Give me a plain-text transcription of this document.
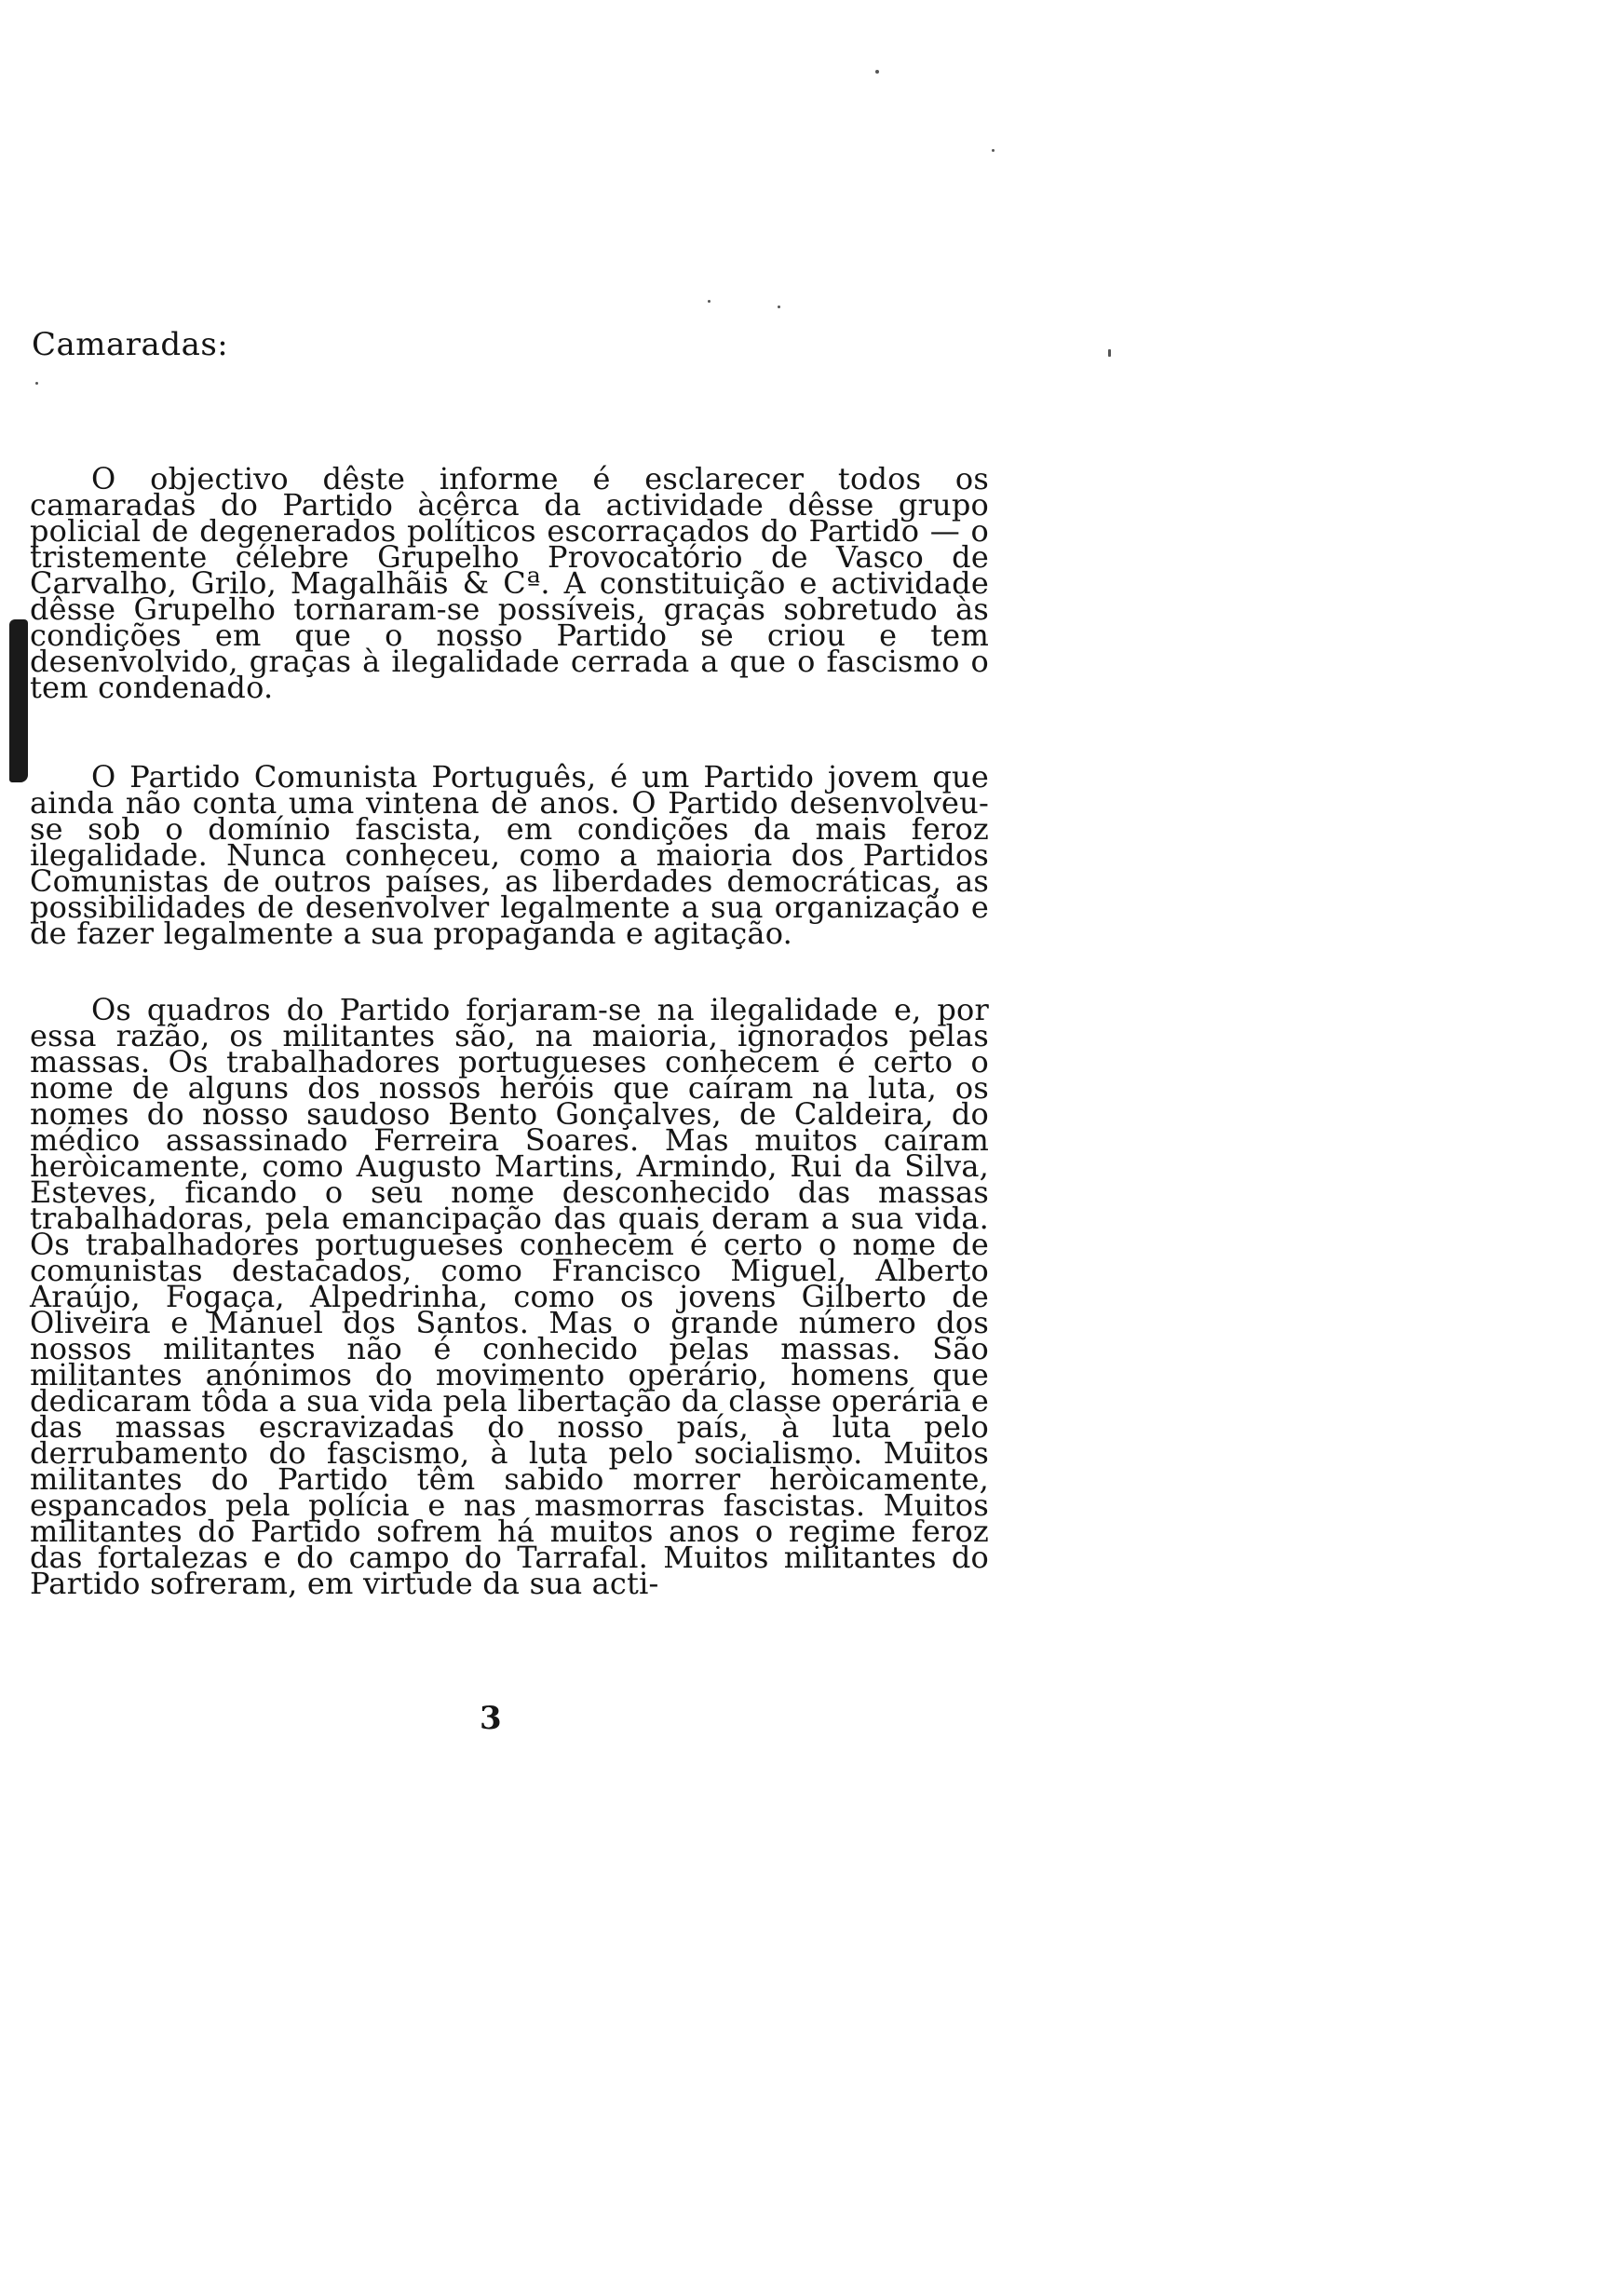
Camaradas:

O objectivo dêste informe é esclarecer todos os camaradas do Partido àcêrca da actividade dêsse grupo policial de degenerados políticos escorraçados do Partido — o tristemente célebre Grupelho Provocatório de Vasco de Carvalho, Grilo, Magalhãis & Cª. A constituição e actividade dêsse Grupelho tornaram-se possíveis, graças sobretudo às condições em que o nosso Partido se criou e tem desenvolvido, graças à ilegalidade cerrada a que o fascismo o tem condenado.

O Partido Comunista Português, é um Partido jovem que ainda não conta uma vintena de anos. O Partido desenvolveu-se sob o domínio fascista, em condições da mais feroz ilegalidade. Nunca conheceu, como a maioria dos Partidos Comunistas de outros países, as liberdades democráticas, as possibilidades de desenvolver legalmente a sua organização e de fazer legalmente a sua propaganda e agitação.

Os quadros do Partido forjaram-se na ilegalidade e, por essa razão, os militantes são, na maioria, ignorados pelas massas. Os trabalhadores portugueses conhecem é certo o nome de alguns dos nossos heróis que caíram na luta, os nomes do nosso saudoso Bento Gonçalves, de Caldeira, do médico assassinado Ferreira Soares. Mas muitos caíram heròicamente, como Augusto Martins, Armindo, Rui da Silva, Esteves, ficando o seu nome desconhecido das massas trabalhadoras, pela emancipação das quais deram a sua vida. Os trabalhadores portugueses conhecem é certo o nome de comunistas destacados, como Francisco Miguel, Alberto Araújo, Fogaça, Alpedrinha, como os jovens Gilberto de Oliveira e Manuel dos Santos. Mas o grande número dos nossos militantes não é conhecido pelas massas. São militantes anónimos do movimento operário, homens que dedicaram tôda a sua vida pela libertação da classe operária e das massas escravizadas do nosso país, à luta pelo derrubamento do fascismo, à luta pelo socialismo. Muitos militantes do Partido têm sabido morrer heròicamente, espancados pela polícia e nas masmorras fascistas. Muitos militantes do Partido sofrem há muitos anos o regime feroz das fortalezas e do campo do Tarrafal. Muitos militantes do Partido sofreram, em virtude da sua acti-

3
